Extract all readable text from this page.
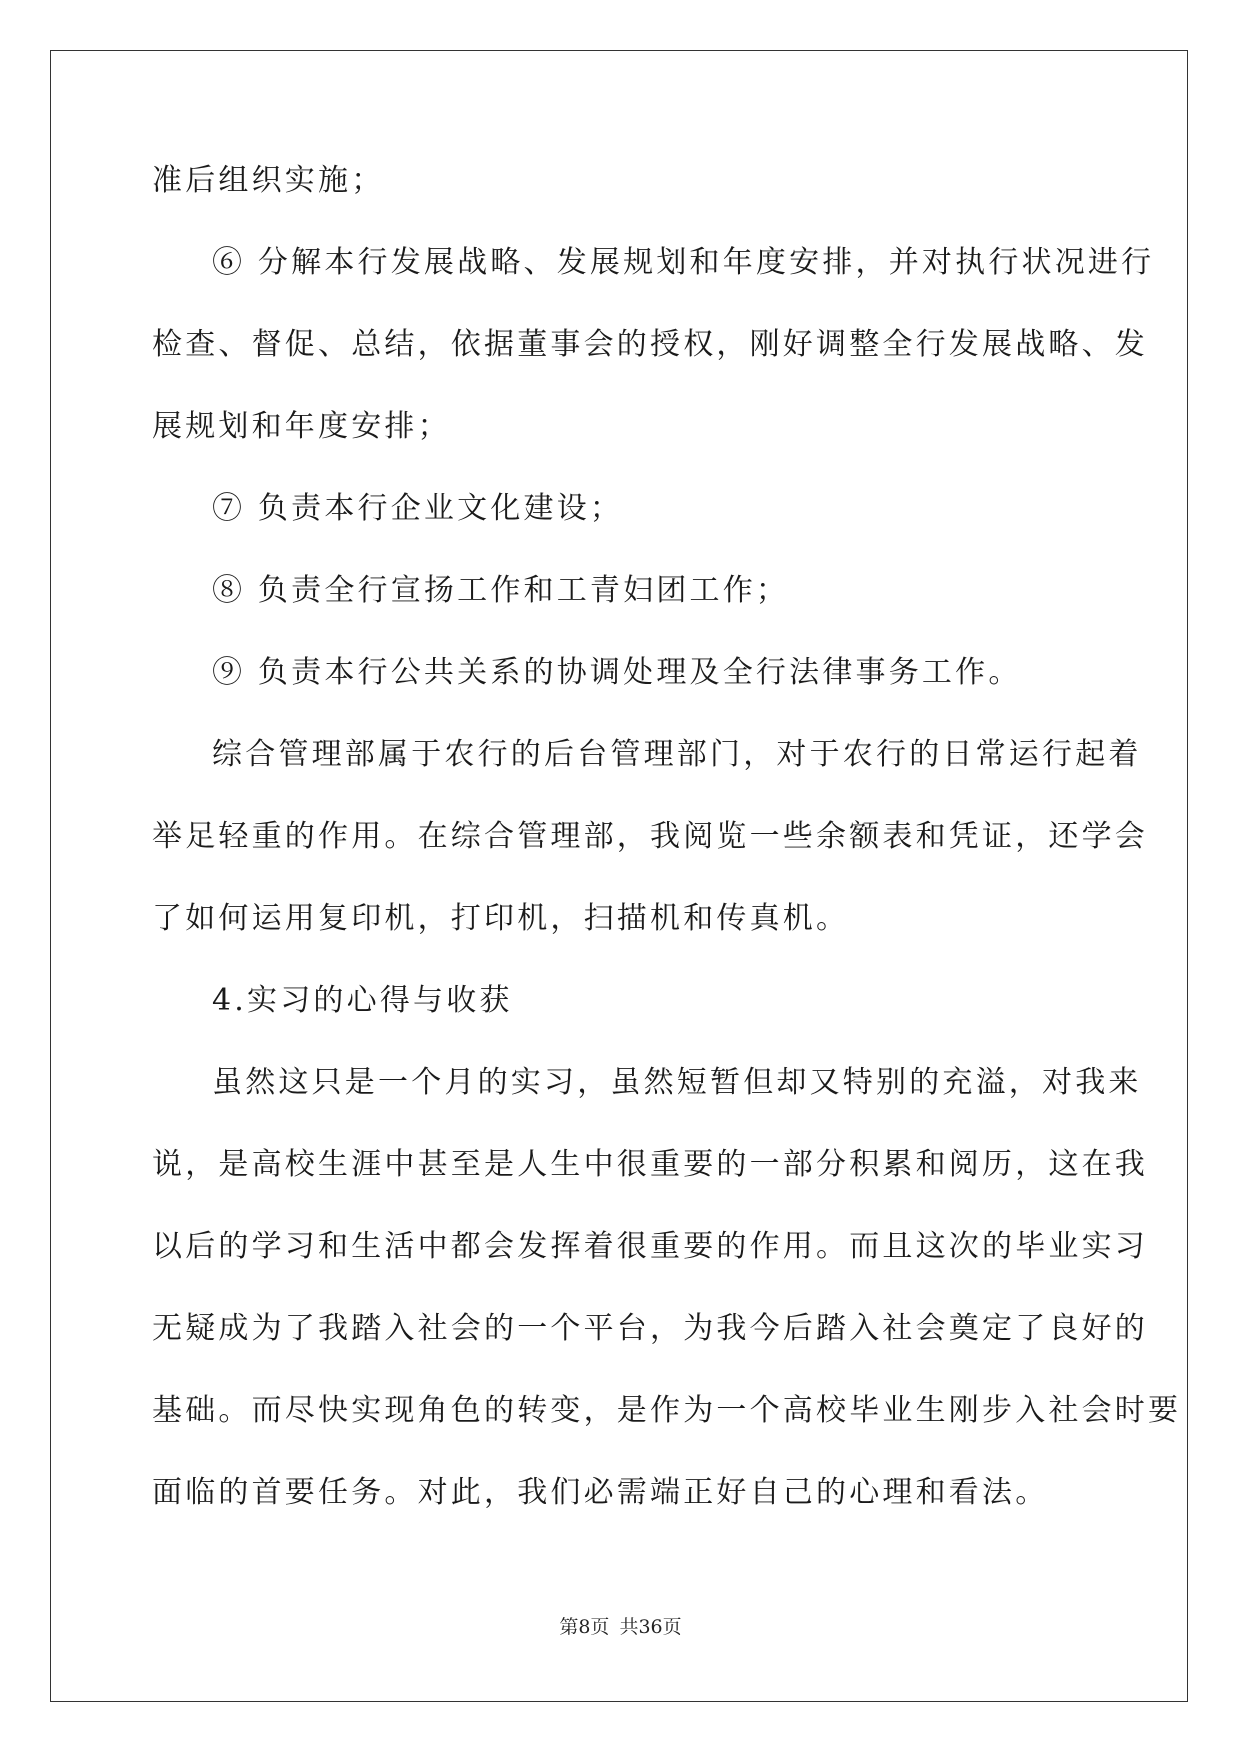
准后组织实施；
⑥ 分解本行发展战略、发展规划和年度安排，并对执行状况进行
检查、督促、总结，依据董事会的授权，刚好调整全行发展战略、发
展规划和年度安排；
⑦ 负责本行企业文化建设；
⑧ 负责全行宣扬工作和工青妇团工作；
⑨ 负责本行公共关系的协调处理及全行法律事务工作。
综合管理部属于农行的后台管理部门，对于农行的日常运行起着
举足轻重的作用。在综合管理部，我阅览一些余额表和凭证，还学会
了如何运用复印机，打印机，扫描机和传真机。
4.实习的心得与收获
虽然这只是一个月的实习，虽然短暂但却又特别的充溢，对我来
说，是高校生涯中甚至是人生中很重要的一部分积累和阅历，这在我
以后的学习和生活中都会发挥着很重要的作用。而且这次的毕业实习
无疑成为了我踏入社会的一个平台，为我今后踏入社会奠定了良好的
基础。而尽快实现角色的转变，是作为一个高校毕业生刚步入社会时要
面临的首要任务。对此，我们必需端正好自己的心理和看法。
第8页 共36页
